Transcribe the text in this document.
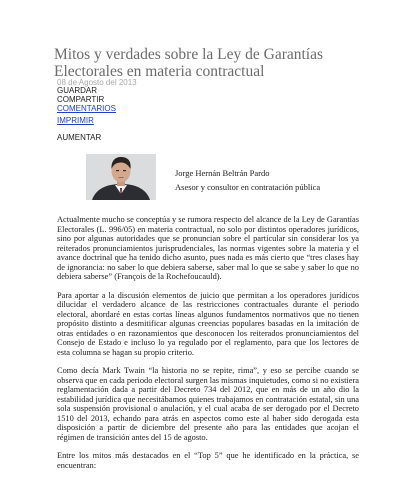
Mitos y verdades sobre la Ley de Garantías Electorales en materia contractual
08 de Agosto del 2013
GUARDAR
COMPARTIR
COMENTARIOS
IMPRIMIR
AUMENTAR
Jorge Hernán Beltrán Pardo
Asesor y consultor en contratación pública

Actualmente mucho se conceptúa y se rumora respecto del alcance de la Ley de Garantías Electorales (L. 996/05) en materia contractual, no solo por distintos operadores jurídicos, sino por algunas autoridades que se pronuncian sobre el particular sin considerar los ya reiterados pronunciamientos jurisprudenciales, las normas vigentes sobre la materia y el avance doctrinal que ha tenido dicho asunto, pues nada es más cierto que “tres clases hay de ignorancia: no saber lo que debiera saberse, saber mal lo que se sabe y saber lo que no debiera saberse” (François de la Rochefoucauld).

Para aportar a la discusión elementos de juicio que permitan a los operadores jurídicos dilucidar el verdadero alcance de las restricciones contractuales durante el periodo electoral, abordaré en estas cortas líneas algunos fundamentos normativos que no tienen propósito distinto a desmitificar algunas creencias populares basadas en la imitación de otras entidades o en razonamientos que desconocen los reiterados pronunciamientos del Consejo de Estado e incluso lo ya regulado por el reglamento, para que los lectores de esta columna se hagan su propio criterio.

Como decía Mark Twain “la historia no se repite, rima”, y eso se percibe cuando se observa que en cada periodo electoral surgen las mismas inquietudes, como si no existiera reglamentación dada a partir del Decreto 734 del 2012, que en más de un año dio la estabilidad jurídica que necesitábamos quienes trabajamos en contratación estatal, sin una sola suspensión provisional o anulación, y el cual acaba de ser derogado por el Decreto 1510 del 2013, echando para atrás en aspectos como este al haber sido derogada esta disposición a partir de diciembre del presente año para las entidades que acojan el régimen de transición antes del 15 de agosto.

Entre los mitos más destacados en el “Top 5” que he identificado en la práctica, se encuentran:
